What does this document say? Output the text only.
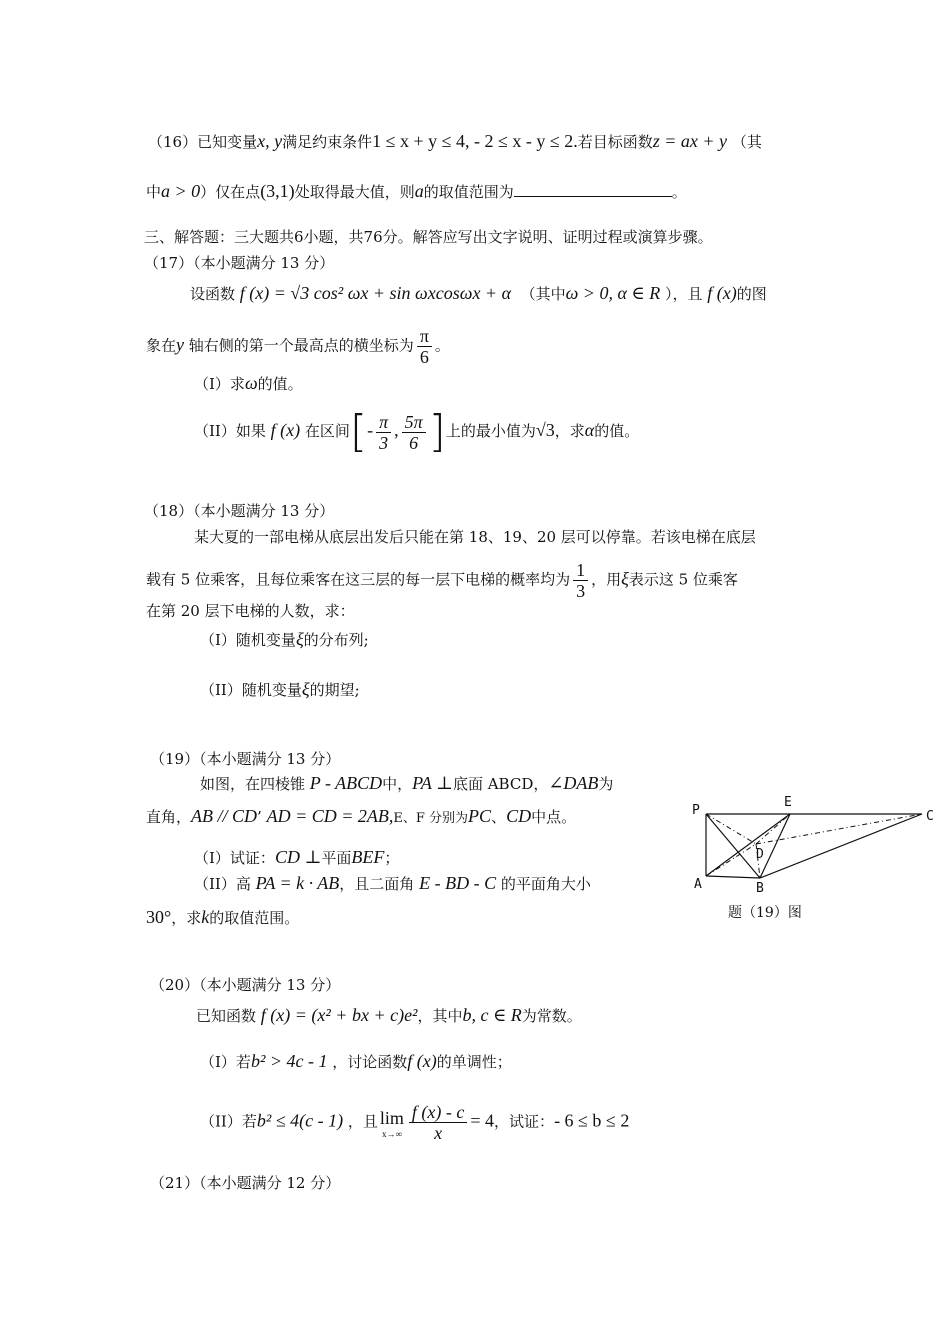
（16）已知变量x, y满足约束条件1 ≤ x + y ≤ 4, - 2 ≤ x - y ≤ 2.若目标函数z = ax + y （其
中a > 0）仅在点(3,1)处取得最大值，则a的取值范围为	。
三、解答题：三大题共6小题，共76分。解答应写出文字说明、证明过程或演算步骤。
（17）（本小题满分 13 分）
设函数 f (x) = √3 cos² ωx + sin ωxcosωx + α （其中ω > 0, α ∈ R ），且 f (x)的图
象在y 轴右侧的第一个最高点的横坐标为 $\frac{\pi}{6}$ 。
（I）求ω的值。
（II）如果 f (x) 在区间[- $\frac{\pi}{3}$ , $\frac{5\pi}{6}$ ]上的最小值为√3，求α的值。
（18）（本小题满分 13 分）
某大夏的一部电梯从底层出发后只能在第 18、19、20 层可以停靠。若该电梯在底层
载有 5 位乘客，且每位乘客在这三层的每一层下电梯的概率均为 $\frac{1}{3}$ ，用ξ表示这 5 位乘客
在第 20 层下电梯的人数，求：
（I）随机变量ξ的分布列;
（II）随机变量ξ的期望;
（19）（本小题满分 13 分）
如图，在四棱锥 P - ABCD中，PA ⊥底面 ABCD，∠DAB为
直角，AB // CD’ AD = CD = 2AB,E、F 分别为PC、CD中点。
（I）试证：CD ⊥平面BEF；
（II）高 PA = k · AB，且二面角 E - BD - C 的平面角大小
30°，求k的取值范围。
P
E
C
D
A	B
题（19）图
（20）（本小题满分 13 分）
已知函数 f (x) = (x² + bx + c)e²，其中b, c ∈ R为常数。
（I）若b² > 4c - 1 ，讨论函数f (x)的单调性；
（II）若b² ≤ 4(c - 1) ，且 lim
$x\to\infty \frac{f (x) - c}{x} = 4$，试证：- 6 ≤ b ≤ 2
（21）（本小题满分 12 分）
